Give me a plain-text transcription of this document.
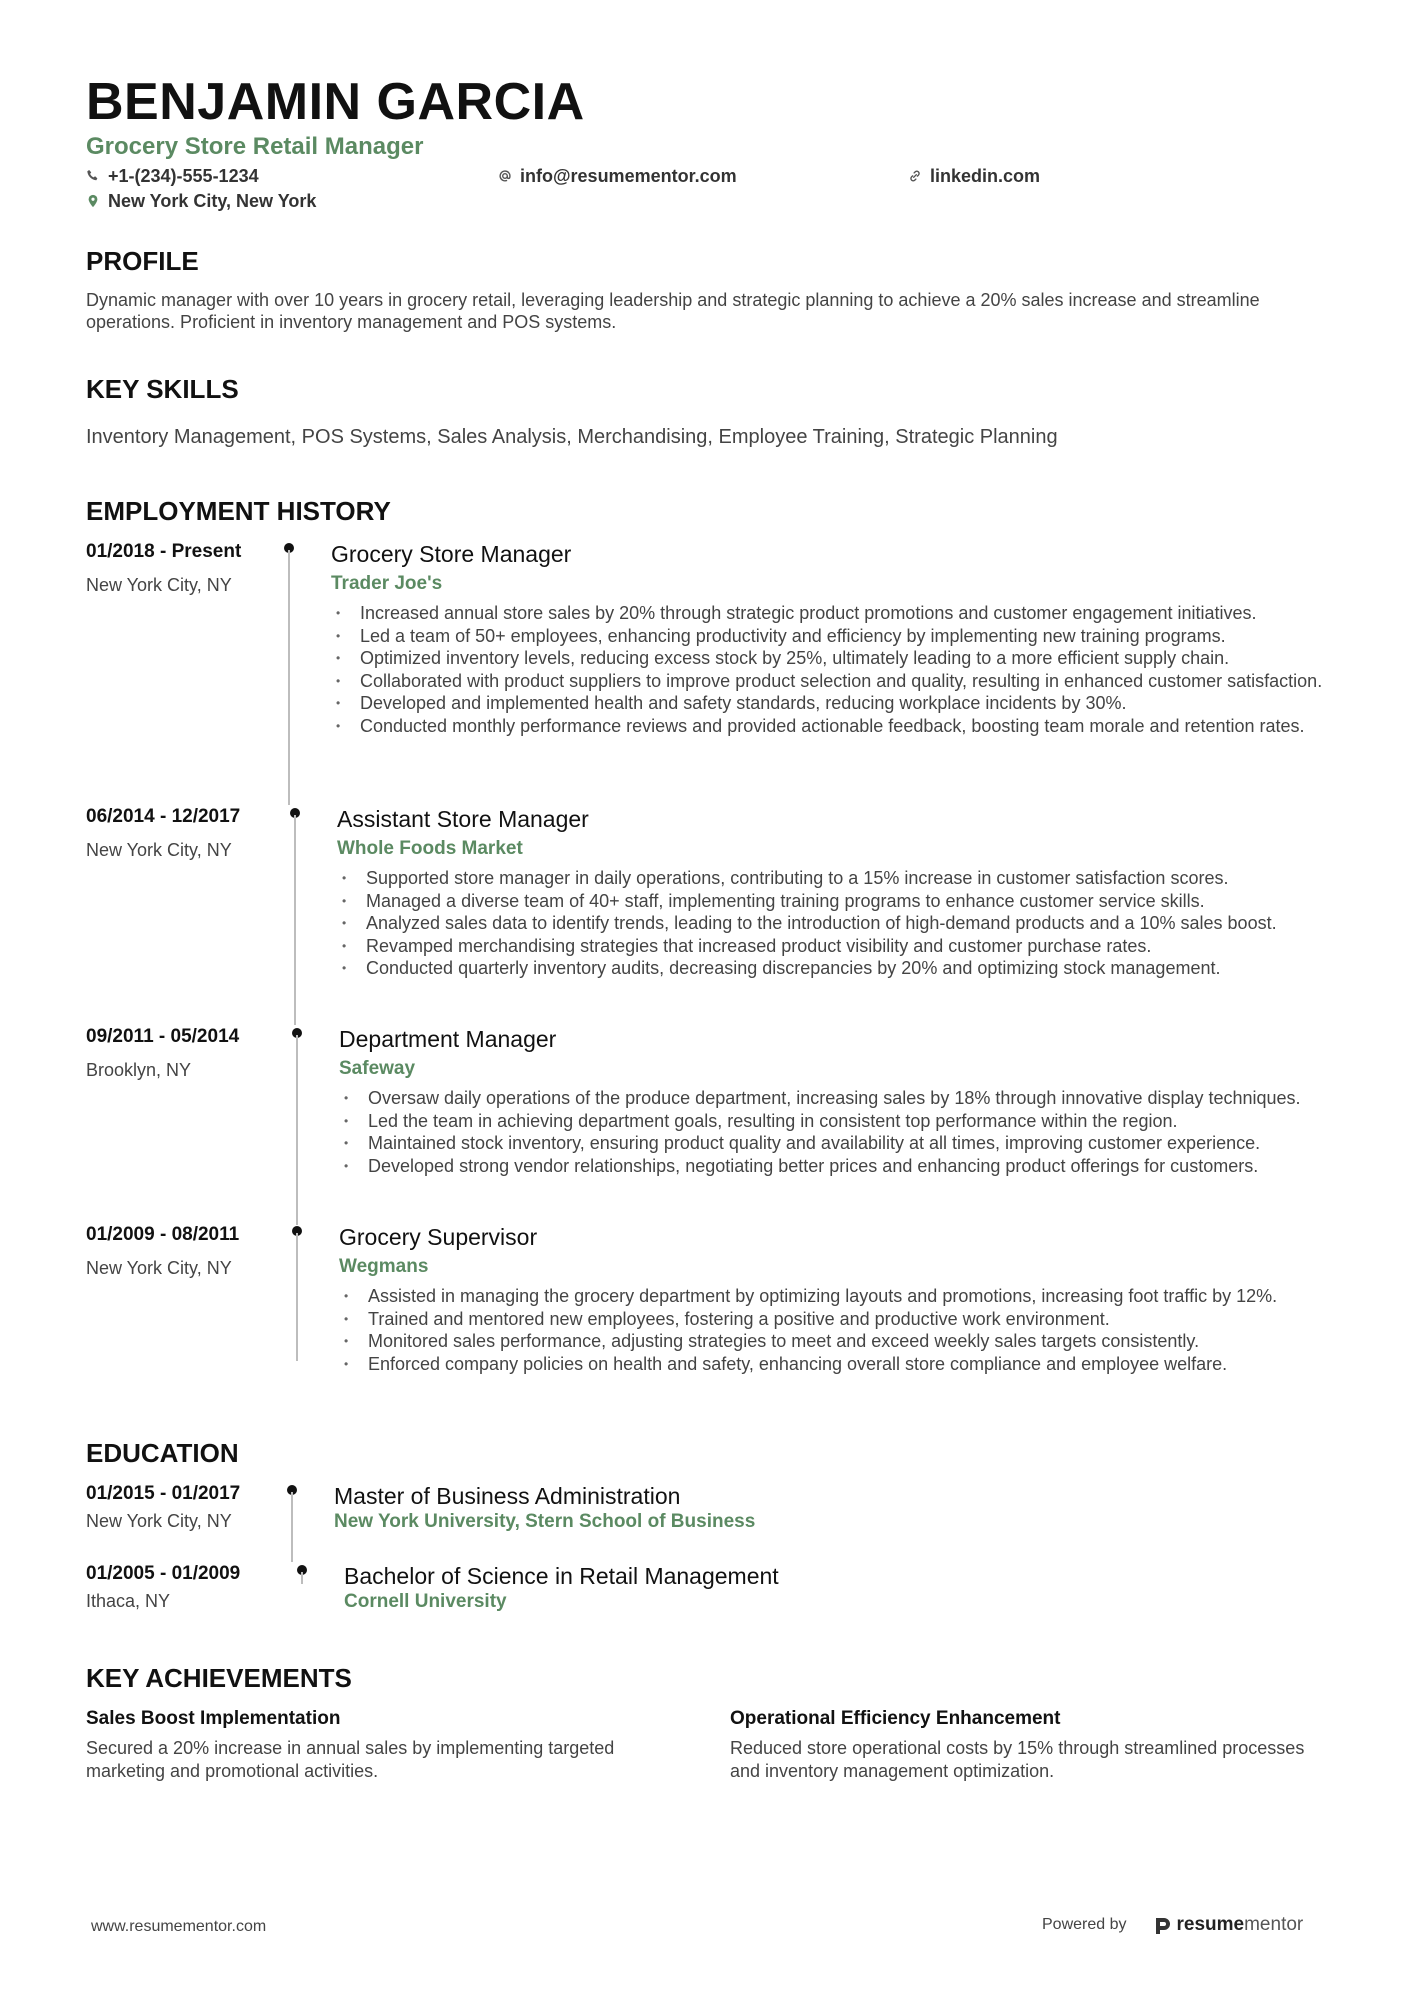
BENJAMIN GARCIA
Grocery Store Retail Manager
+1-(234)-555-1234	info@resumementor.com	linkedin.com
New York City, New York
PROFILE
Dynamic manager with over 10 years in grocery retail, leveraging leadership and strategic planning to achieve a 20% sales increase and streamline operations. Proficient in inventory management and POS systems.
KEY SKILLS
Inventory Management, POS Systems, Sales Analysis, Merchandising, Employee Training, Strategic Planning
EMPLOYMENT HISTORY
01/2018 - Present
New York City, NY
Grocery Store Manager
Trader Joe's
• Increased annual store sales by 20% through strategic product promotions and customer engagement initiatives.
• Led a team of 50+ employees, enhancing productivity and efficiency by implementing new training programs.
• Optimized inventory levels, reducing excess stock by 25%, ultimately leading to a more efficient supply chain.
• Collaborated with product suppliers to improve product selection and quality, resulting in enhanced customer satisfaction.
• Developed and implemented health and safety standards, reducing workplace incidents by 30%.
• Conducted monthly performance reviews and provided actionable feedback, boosting team morale and retention rates.
06/2014 - 12/2017
New York City, NY
Assistant Store Manager
Whole Foods Market
• Supported store manager in daily operations, contributing to a 15% increase in customer satisfaction scores.
• Managed a diverse team of 40+ staff, implementing training programs to enhance customer service skills.
• Analyzed sales data to identify trends, leading to the introduction of high-demand products and a 10% sales boost.
• Revamped merchandising strategies that increased product visibility and customer purchase rates.
• Conducted quarterly inventory audits, decreasing discrepancies by 20% and optimizing stock management.
09/2011 - 05/2014
Brooklyn, NY
Department Manager
Safeway
• Oversaw daily operations of the produce department, increasing sales by 18% through innovative display techniques.
• Led the team in achieving department goals, resulting in consistent top performance within the region.
• Maintained stock inventory, ensuring product quality and availability at all times, improving customer experience.
• Developed strong vendor relationships, negotiating better prices and enhancing product offerings for customers.
01/2009 - 08/2011
New York City, NY
Grocery Supervisor
Wegmans
• Assisted in managing the grocery department by optimizing layouts and promotions, increasing foot traffic by 12%.
• Trained and mentored new employees, fostering a positive and productive work environment.
• Monitored sales performance, adjusting strategies to meet and exceed weekly sales targets consistently.
• Enforced company policies on health and safety, enhancing overall store compliance and employee welfare.
EDUCATION
01/2015 - 01/2017
New York City, NY
Master of Business Administration
New York University, Stern School of Business
01/2005 - 01/2009
Ithaca, NY
Bachelor of Science in Retail Management
Cornell University
KEY ACHIEVEMENTS
Sales Boost Implementation
Secured a 20% increase in annual sales by implementing targeted marketing and promotional activities.
Operational Efficiency Enhancement
Reduced store operational costs by 15% through streamlined processes and inventory management optimization.
www.resumementor.com	Powered by	resumementor
